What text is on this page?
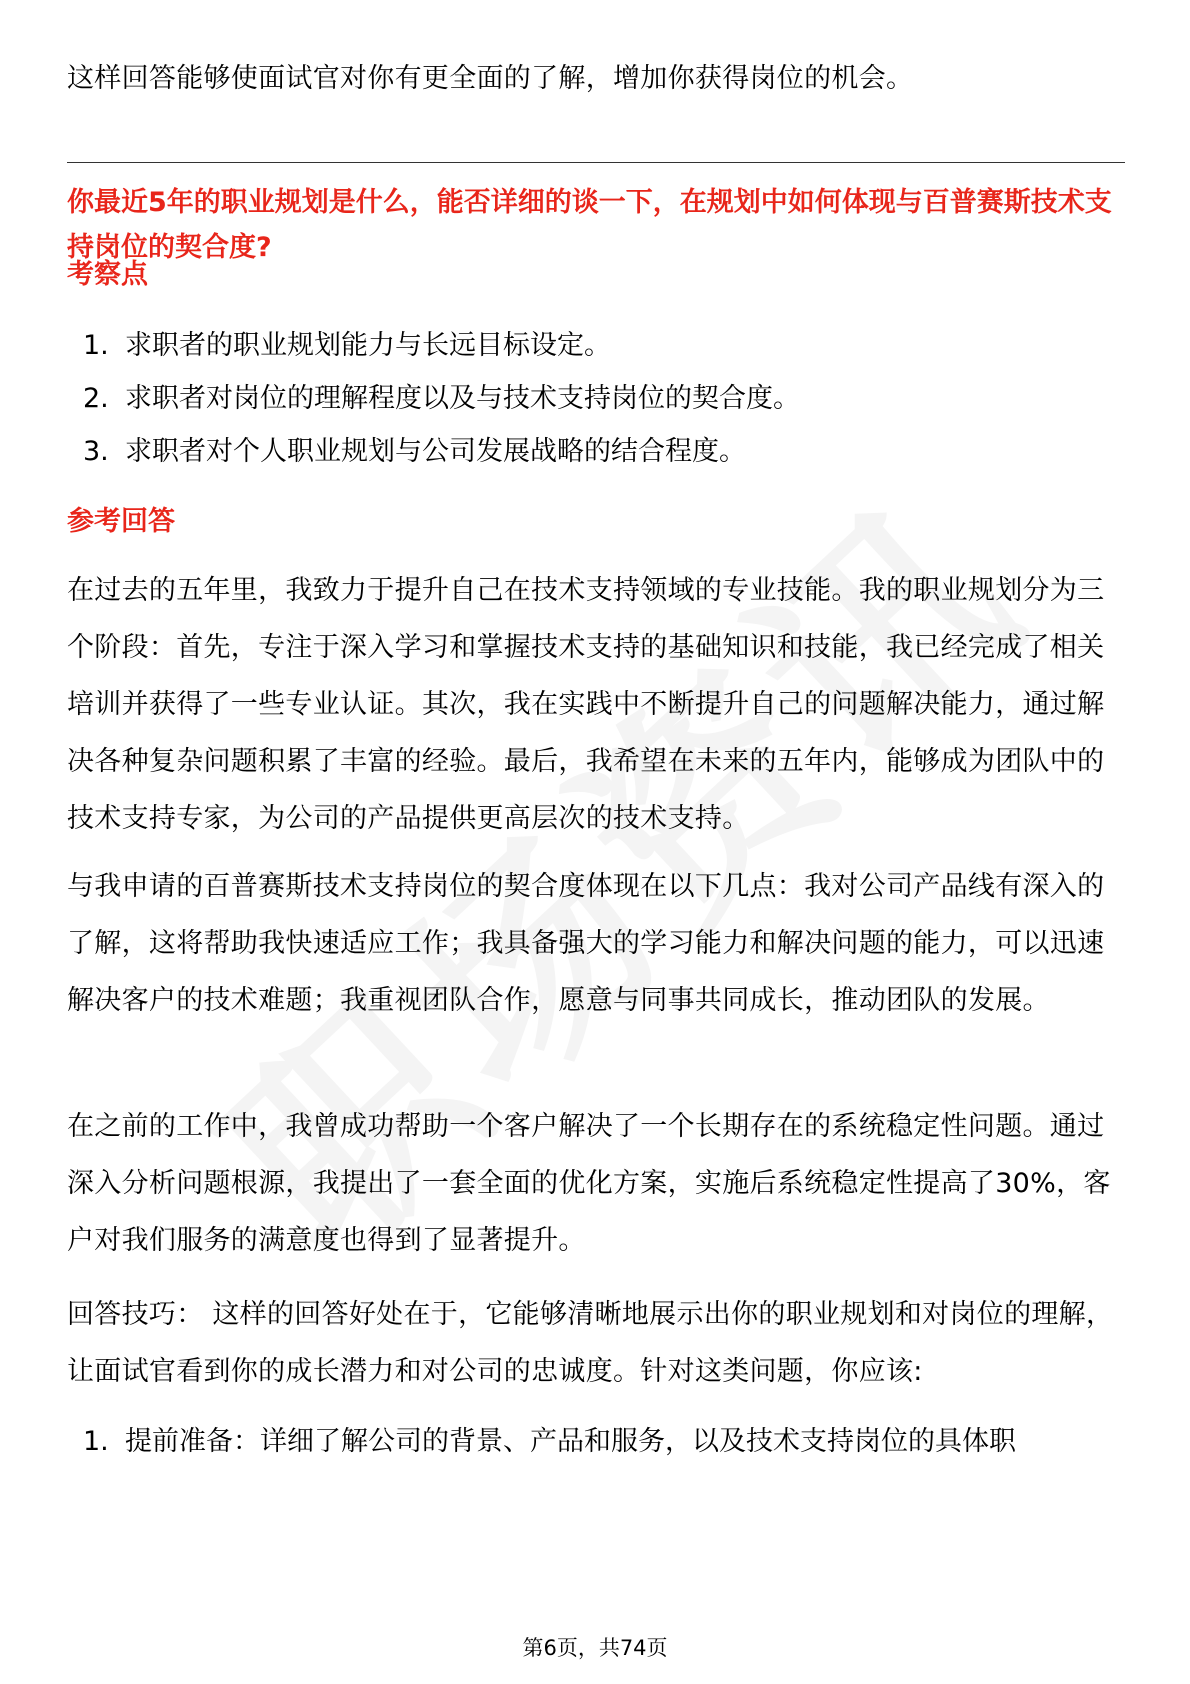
这样回答能够使面试官对你有更全面的了解，增加你获得岗位的机会。

你最近5年的职业规划是什么，能否详细的谈一下，在规划中如何体现与百普赛斯技术支持岗位的契合度?

考察点

1. 求职者的职业规划能力与长远目标设定。
2. 求职者对岗位的理解程度以及与技术支持岗位的契合度。
3. 求职者对个人职业规划与公司发展战略的结合程度。

参考回答

在过去的五年里，我致力于提升自己在技术支持领域的专业技能。我的职业规划分为三个阶段：首先，专注于深入学习和掌握技术支持的基础知识和技能，我已经完成了相关培训并获得了一些专业认证。其次，我在实践中不断提升自己的问题解决能力，通过解决各种复杂问题积累了丰富的经验。最后，我希望在未来的五年内，能够成为团队中的技术支持专家，为公司的产品提供更高层次的技术支持。

与我申请的百普赛斯技术支持岗位的契合度体现在以下几点：我对公司产品线有深入的了解，这将帮助我快速适应工作；我具备强大的学习能力和解决问题的能力，可以迅速解决客户的技术难题；我重视团队合作，愿意与同事共同成长，推动团队的发展。

在之前的工作中，我曾成功帮助一个客户解决了一个长期存在的系统稳定性问题。通过深入分析问题根源，我提出了一套全面的优化方案，实施后系统稳定性提高了30%，客户对我们服务的满意度也得到了显著提升。

回答技巧： 这样的回答好处在于，它能够清晰地展示出你的职业规划和对岗位的理解，让面试官看到你的成长潜力和对公司的忠诚度。针对这类问题，你应该:

1. 提前准备：详细了解公司的背景、产品和服务，以及技术支持岗位的具体职
第6页，共74页
